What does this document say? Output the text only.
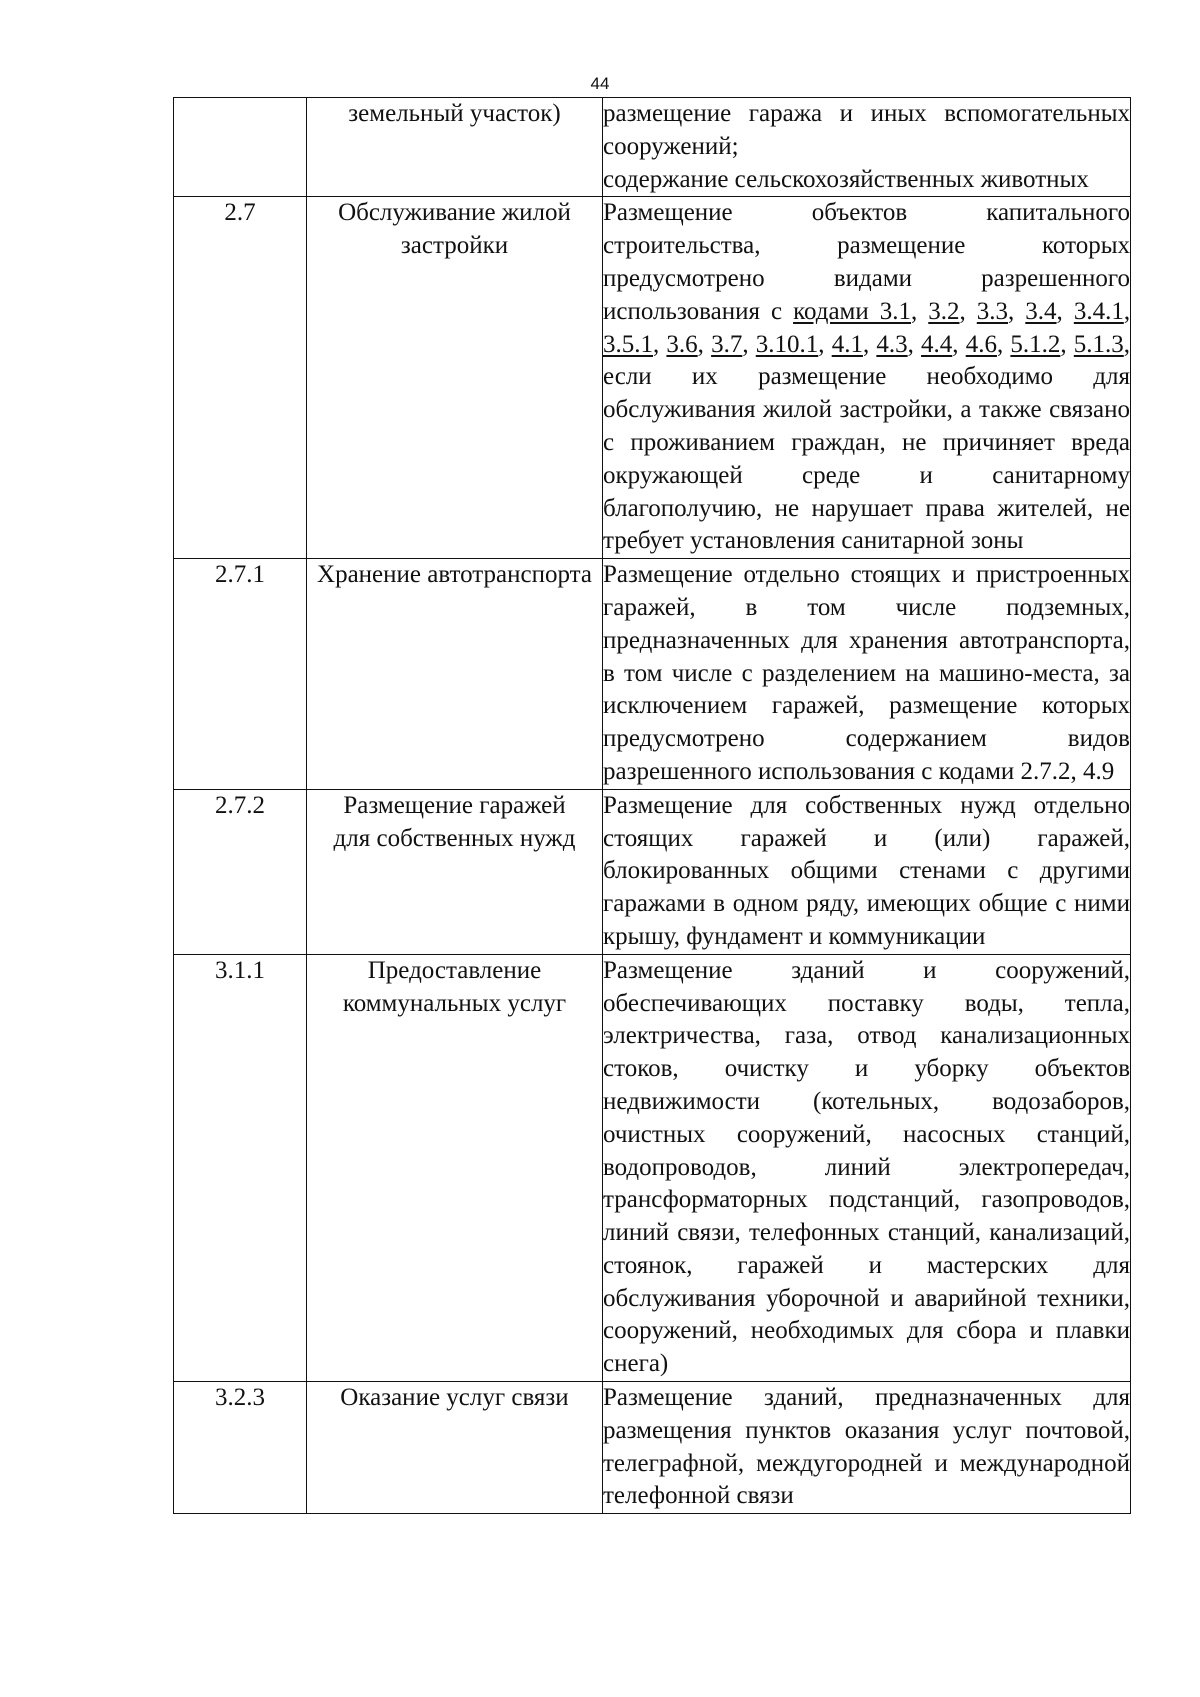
44
	земельный участок)	размещение гаража и иных вспомогательных сооружений;
содержание сельскохозяйственных животных

2.7	Обслуживание жилой застройки	Размещение объектов капитального строительства, размещение которых предусмотрено видами разрешенного использования с кодами 3.1, 3.2, 3.3, 3.4, 3.4.1, 3.5.1, 3.6, 3.7, 3.10.1, 4.1, 4.3, 4.4, 4.6, 5.1.2, 5.1.3, если их размещение необходимо для обслуживания жилой застройки, а также связано с проживанием граждан, не причиняет вреда окружающей среде и санитарному благополучию, не нарушает права жителей, не требует установления санитарной зоны

2.7.1	Хранение автотранспорта	Размещение отдельно стоящих и пристроенных гаражей, в том числе подземных, предназначенных для хранения автотранспорта, в том числе с разделением на машино-места, за исключением гаражей, размещение которых предусмотрено содержанием видов разрешенного использования с кодами 2.7.2, 4.9

2.7.2	Размещение гаражей для собственных нужд	Размещение для собственных нужд отдельно стоящих гаражей и (или) гаражей, блокированных общими стенами с другими гаражами в одном ряду, имеющих общие с ними крышу, фундамент и коммуникации

3.1.1	Предоставление коммунальных услуг	Размещение зданий и сооружений, обеспечивающих поставку воды, тепла, электричества, газа, отвод канализационных стоков, очистку и уборку объектов недвижимости (котельных, водозаборов, очистных сооружений, насосных станций, водопроводов, линий электропередач, трансформаторных подстанций, газопроводов, линий связи, телефонных станций, канализаций, стоянок, гаражей и мастерских для обслуживания уборочной и аварийной техники, сооружений, необходимых для сбора и плавки снега)

3.2.3	Оказание услуг связи	Размещение зданий, предназначенных для размещения пунктов оказания услуг почтовой, телеграфной, междугородней и международной телефонной связи
